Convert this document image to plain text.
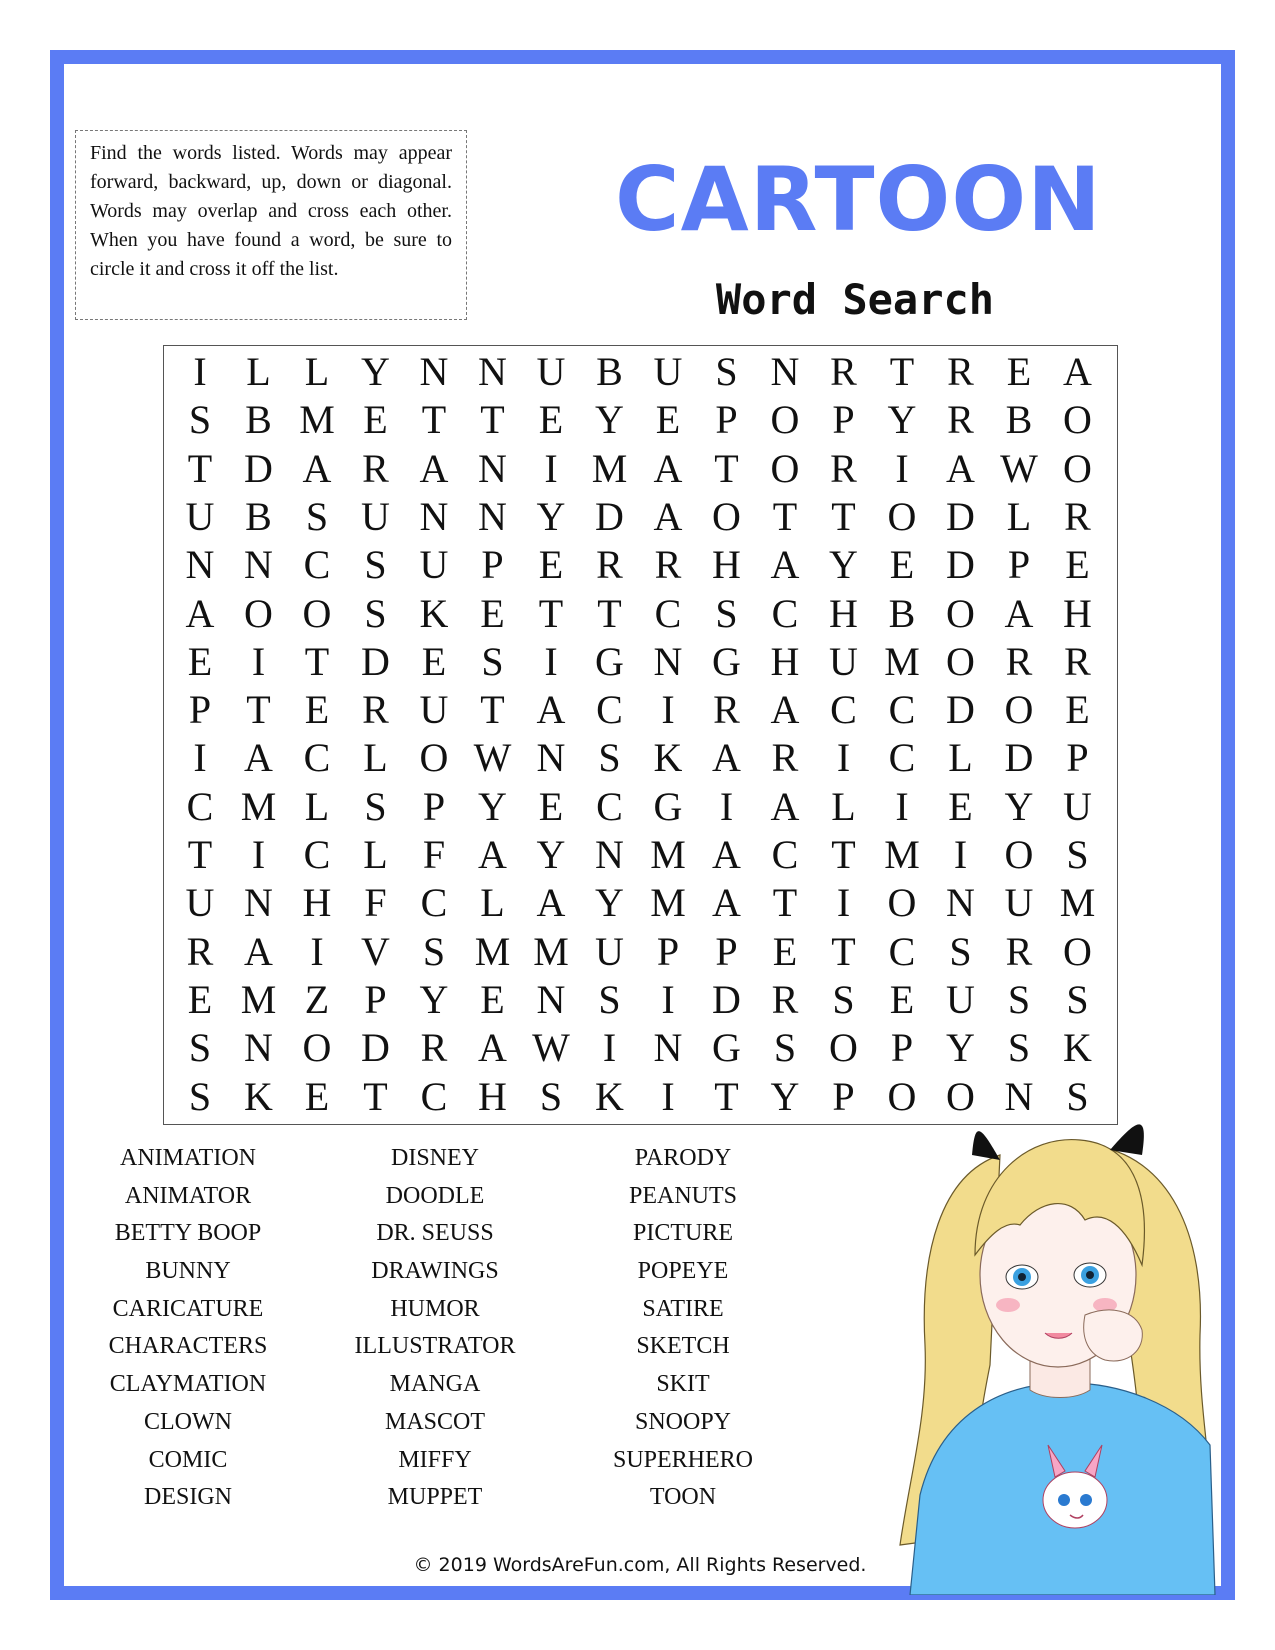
Find the words listed. Words may appear forward, backward, up, down or diagonal. Words may overlap and cross each other. When you have found a word, be sure to circle it and cross it off the list.
CARTOON
Word Search
I L L Y N N U B U S N R T R E A
S B M E T T E Y E P O P Y R B O
T D A R A N I M A T O R I A W O
U B S U N N Y D A O T T O D L R
N N C S U P E R R H A Y E D P E
A O O S K E T T C S C H B O A H
E I T D E S	I G N G H U M O R R
P T E R U T A C I R A C C D O E
I A C L O W N S K A R I C L D P
C M L S P Y E C G I A L I E Y U
T I C L F A Y N M A C T M I O S
U N H F C L A Y M A T I O N U M
R A I V S M M U P P E T C S R O
E M Z P Y E N S	I D R S E U S S
S N O D R A W I N G S O P Y S K
S K E T C H S K I T Y P O O N S
ANIMATION
ANIMATOR
BETTY BOOP
BUNNY
CARICATURE
CHARACTERS
CLAYMATION
CLOWN
COMIC
DESIGN
DISNEY
DOODLE
DR. SEUSS
DRAWINGS
HUMOR
ILLUSTRATOR
MANGA
MASCOT
MIFFY
MUPPET
PARODY
PEANUTS
PICTURE
POPEYE
SATIRE
SKETCH
SKIT
SNOOPY
SUPERHERO
TOON
© 2019 WordsAreFun.com, All Rights Reserved.
